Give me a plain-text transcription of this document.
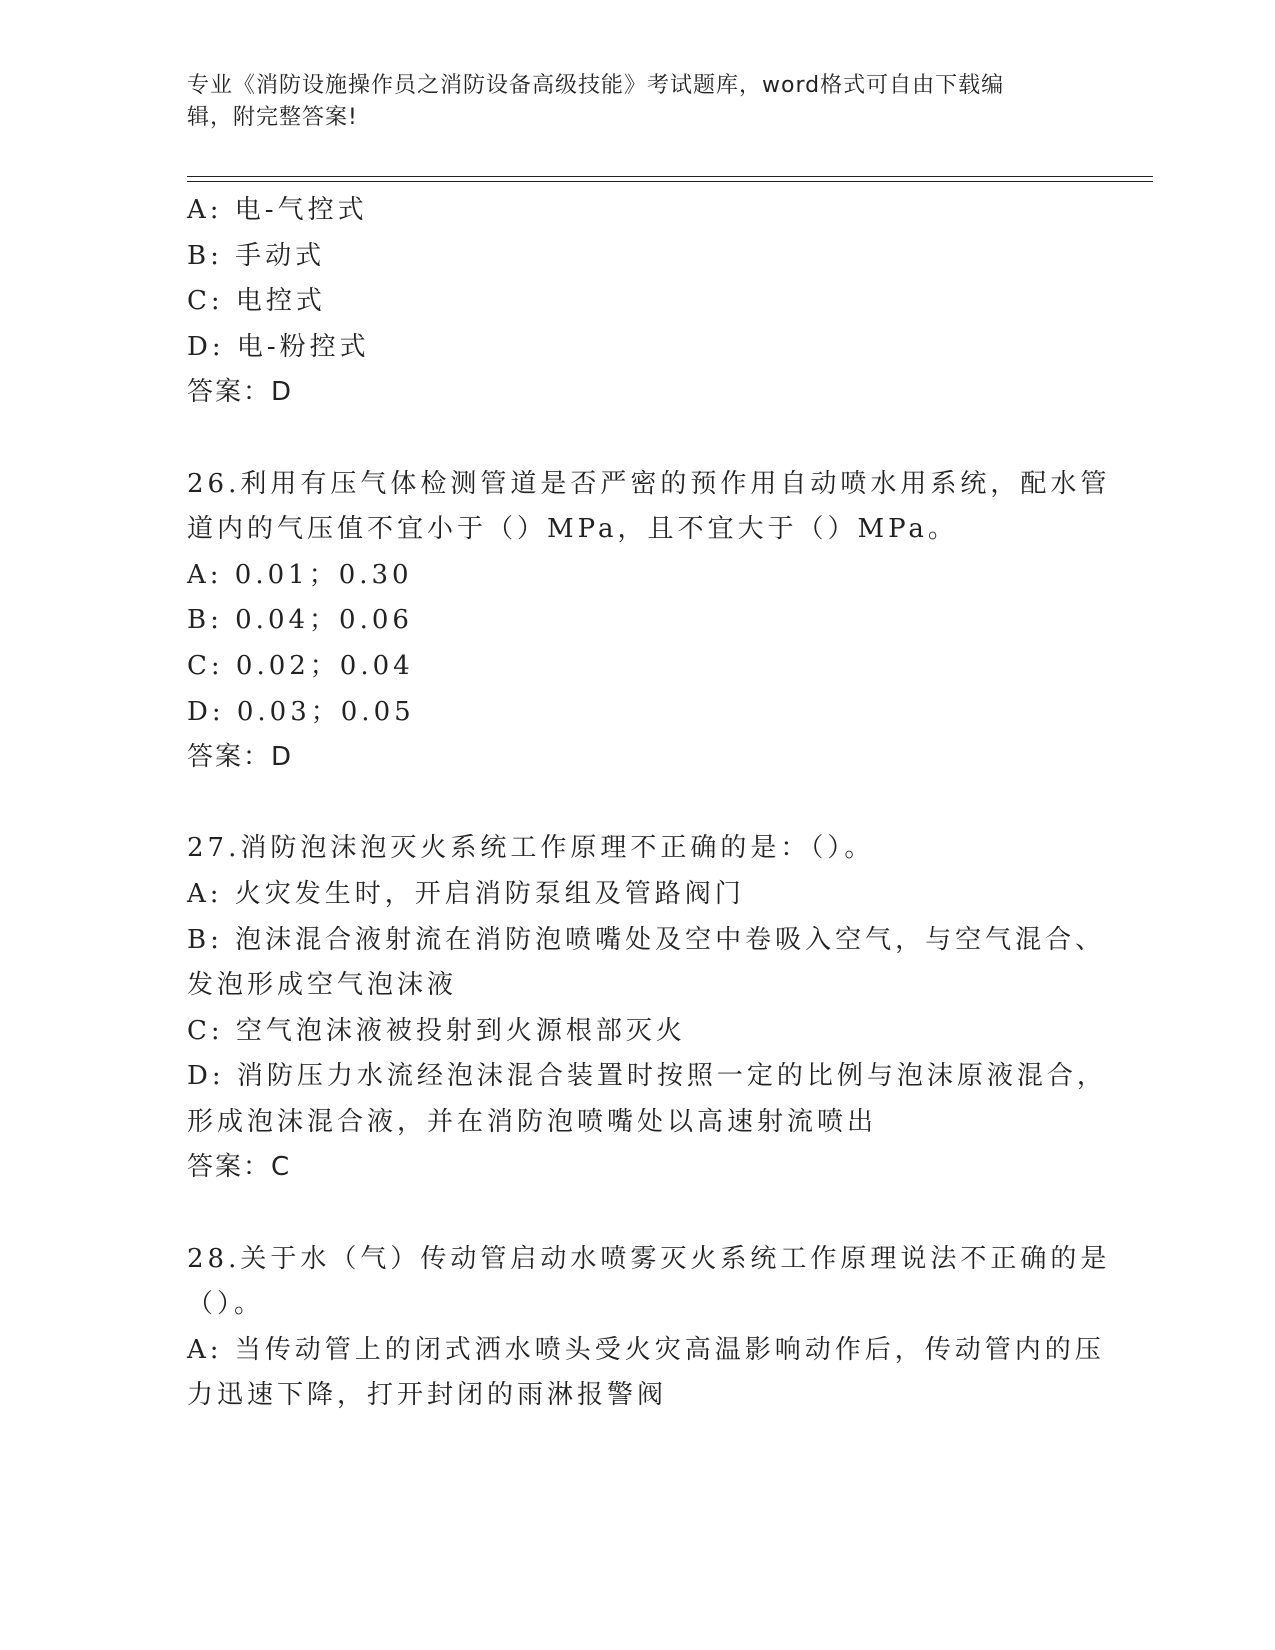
专业《消防设施操作员之消防设备高级技能》考试题库，word格式可自由下载编
辑，附完整答案!

A: 电-气控式

B: 手动式

C: 电控式

D: 电-粉控式

答案：D

26.利用有压气体检测管道是否严密的预作用自动喷水用系统，配水管

道内的气压值不宜小于（）MPa，且不宜大于（）MPa。

A: 0.01；0.30

B: 0.04；0.06

C: 0.02；0.04

D: 0.03；0.05

答案：D

27.消防泡沫泡灭火系统工作原理不正确的是：（）。

A: 火灾发生时，开启消防泵组及管路阀门

B: 泡沫混合液射流在消防泡喷嘴处及空中卷吸入空气，与空气混合、

发泡形成空气泡沫液

C: 空气泡沫液被投射到火源根部灭火

D: 消防压力水流经泡沫混合装置时按照一定的比例与泡沫原液混合，

形成泡沫混合液，并在消防泡喷嘴处以高速射流喷出

答案：C

28.关于水（气）传动管启动水喷雾灭火系统工作原理说法不正确的是

（）。

A: 当传动管上的闭式洒水喷头受火灾高温影响动作后，传动管内的压

力迅速下降，打开封闭的雨淋报警阀
